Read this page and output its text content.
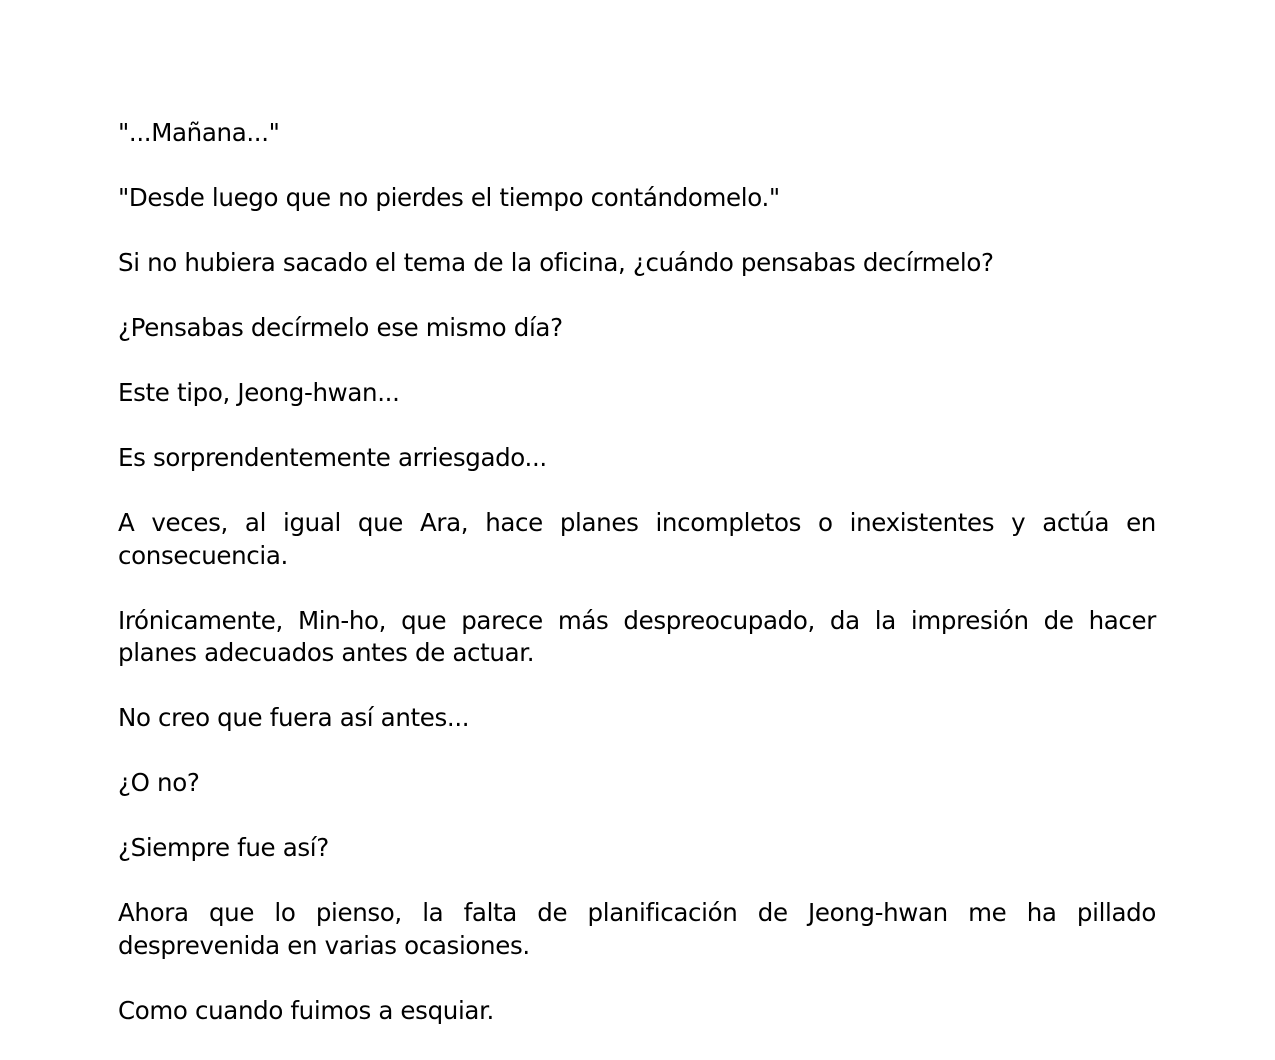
"...Mañana..."

"Desde luego que no pierdes el tiempo contándomelo."

Si no hubiera sacado el tema de la oficina, ¿cuándo pensabas decírmelo?

¿Pensabas decírmelo ese mismo día?

Este tipo, Jeong-hwan...

Es sorprendentemente arriesgado...

A veces, al igual que Ara, hace planes incompletos o inexistentes y actúa en consecuencia.

Irónicamente, Min-ho, que parece más despreocupado, da la impresión de hacer planes adecuados antes de actuar.

No creo que fuera así antes...

¿O no?

¿Siempre fue así?

Ahora que lo pienso, la falta de planificación de Jeong-hwan me ha pillado desprevenida en varias ocasiones.

Como cuando fuimos a esquiar.
